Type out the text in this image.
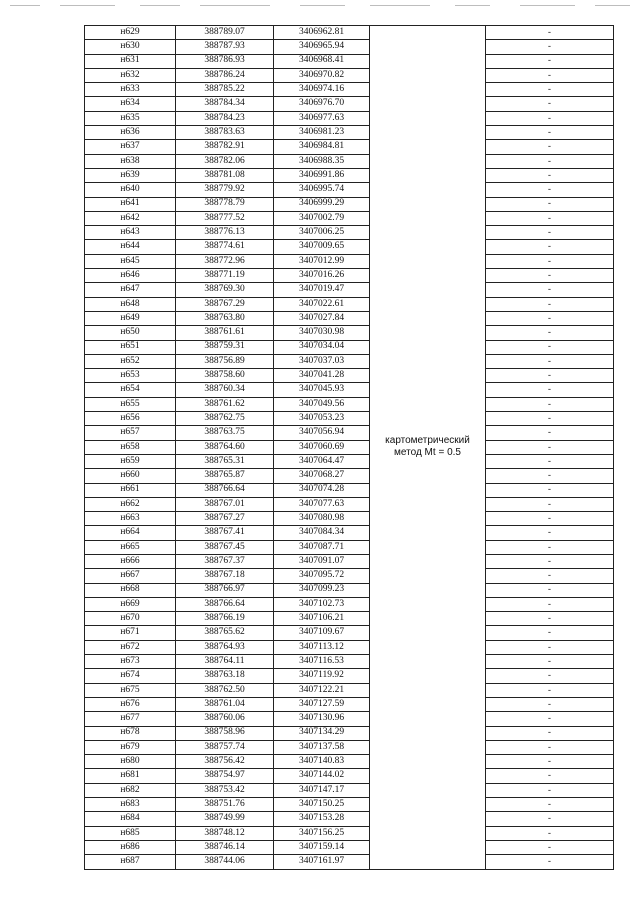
н629	388789.07	3406962.81	картометрический метод Mt = 0.5	-
н630	388787.93	3406965.94		-
н631	388786.93	3406968.41		-
н632	388786.24	3406970.82		-
н633	388785.22	3406974.16		-
н634	388784.34	3406976.70		-
н635	388784.23	3406977.63		-
н636	388783.63	3406981.23		-
н637	388782.91	3406984.81		-
н638	388782.06	3406988.35		-
н639	388781.08	3406991.86		-
н640	388779.92	3406995.74		-
н641	388778.79	3406999.29		-
н642	388777.52	3407002.79		-
н643	388776.13	3407006.25		-
н644	388774.61	3407009.65		-
н645	388772.96	3407012.99		-
н646	388771.19	3407016.26		-
н647	388769.30	3407019.47		-
н648	388767.29	3407022.61		-
н649	388763.80	3407027.84		-
н650	388761.61	3407030.98		-
н651	388759.31	3407034.04		-
н652	388756.89	3407037.03		-
н653	388758.60	3407041.28		-
н654	388760.34	3407045.93		-
н655	388761.62	3407049.56		-
н656	388762.75	3407053.23		-
н657	388763.75	3407056.94		-
н658	388764.60	3407060.69		-
н659	388765.31	3407064.47		-
н660	388765.87	3407068.27		-
н661	388766.64	3407074.28		-
н662	388767.01	3407077.63		-
н663	388767.27	3407080.98		-
н664	388767.41	3407084.34		-
н665	388767.45	3407087.71		-
н666	388767.37	3407091.07		-
н667	388767.18	3407095.72		-
н668	388766.97	3407099.23		-
н669	388766.64	3407102.73		-
н670	388766.19	3407106.21		-
н671	388765.62	3407109.67		-
н672	388764.93	3407113.12		-
н673	388764.11	3407116.53		-
н674	388763.18	3407119.92		-
н675	388762.50	3407122.21		-
н676	388761.04	3407127.59		-
н677	388760.06	3407130.96		-
н678	388758.96	3407134.29		-
н679	388757.74	3407137.58		-
н680	388756.42	3407140.83		-
н681	388754.97	3407144.02		-
н682	388753.42	3407147.17		-
н683	388751.76	3407150.25		-
н684	388749.99	3407153.28		-
н685	388748.12	3407156.25		-
н686	388746.14	3407159.14		-
н687	388744.06	3407161.97		-
